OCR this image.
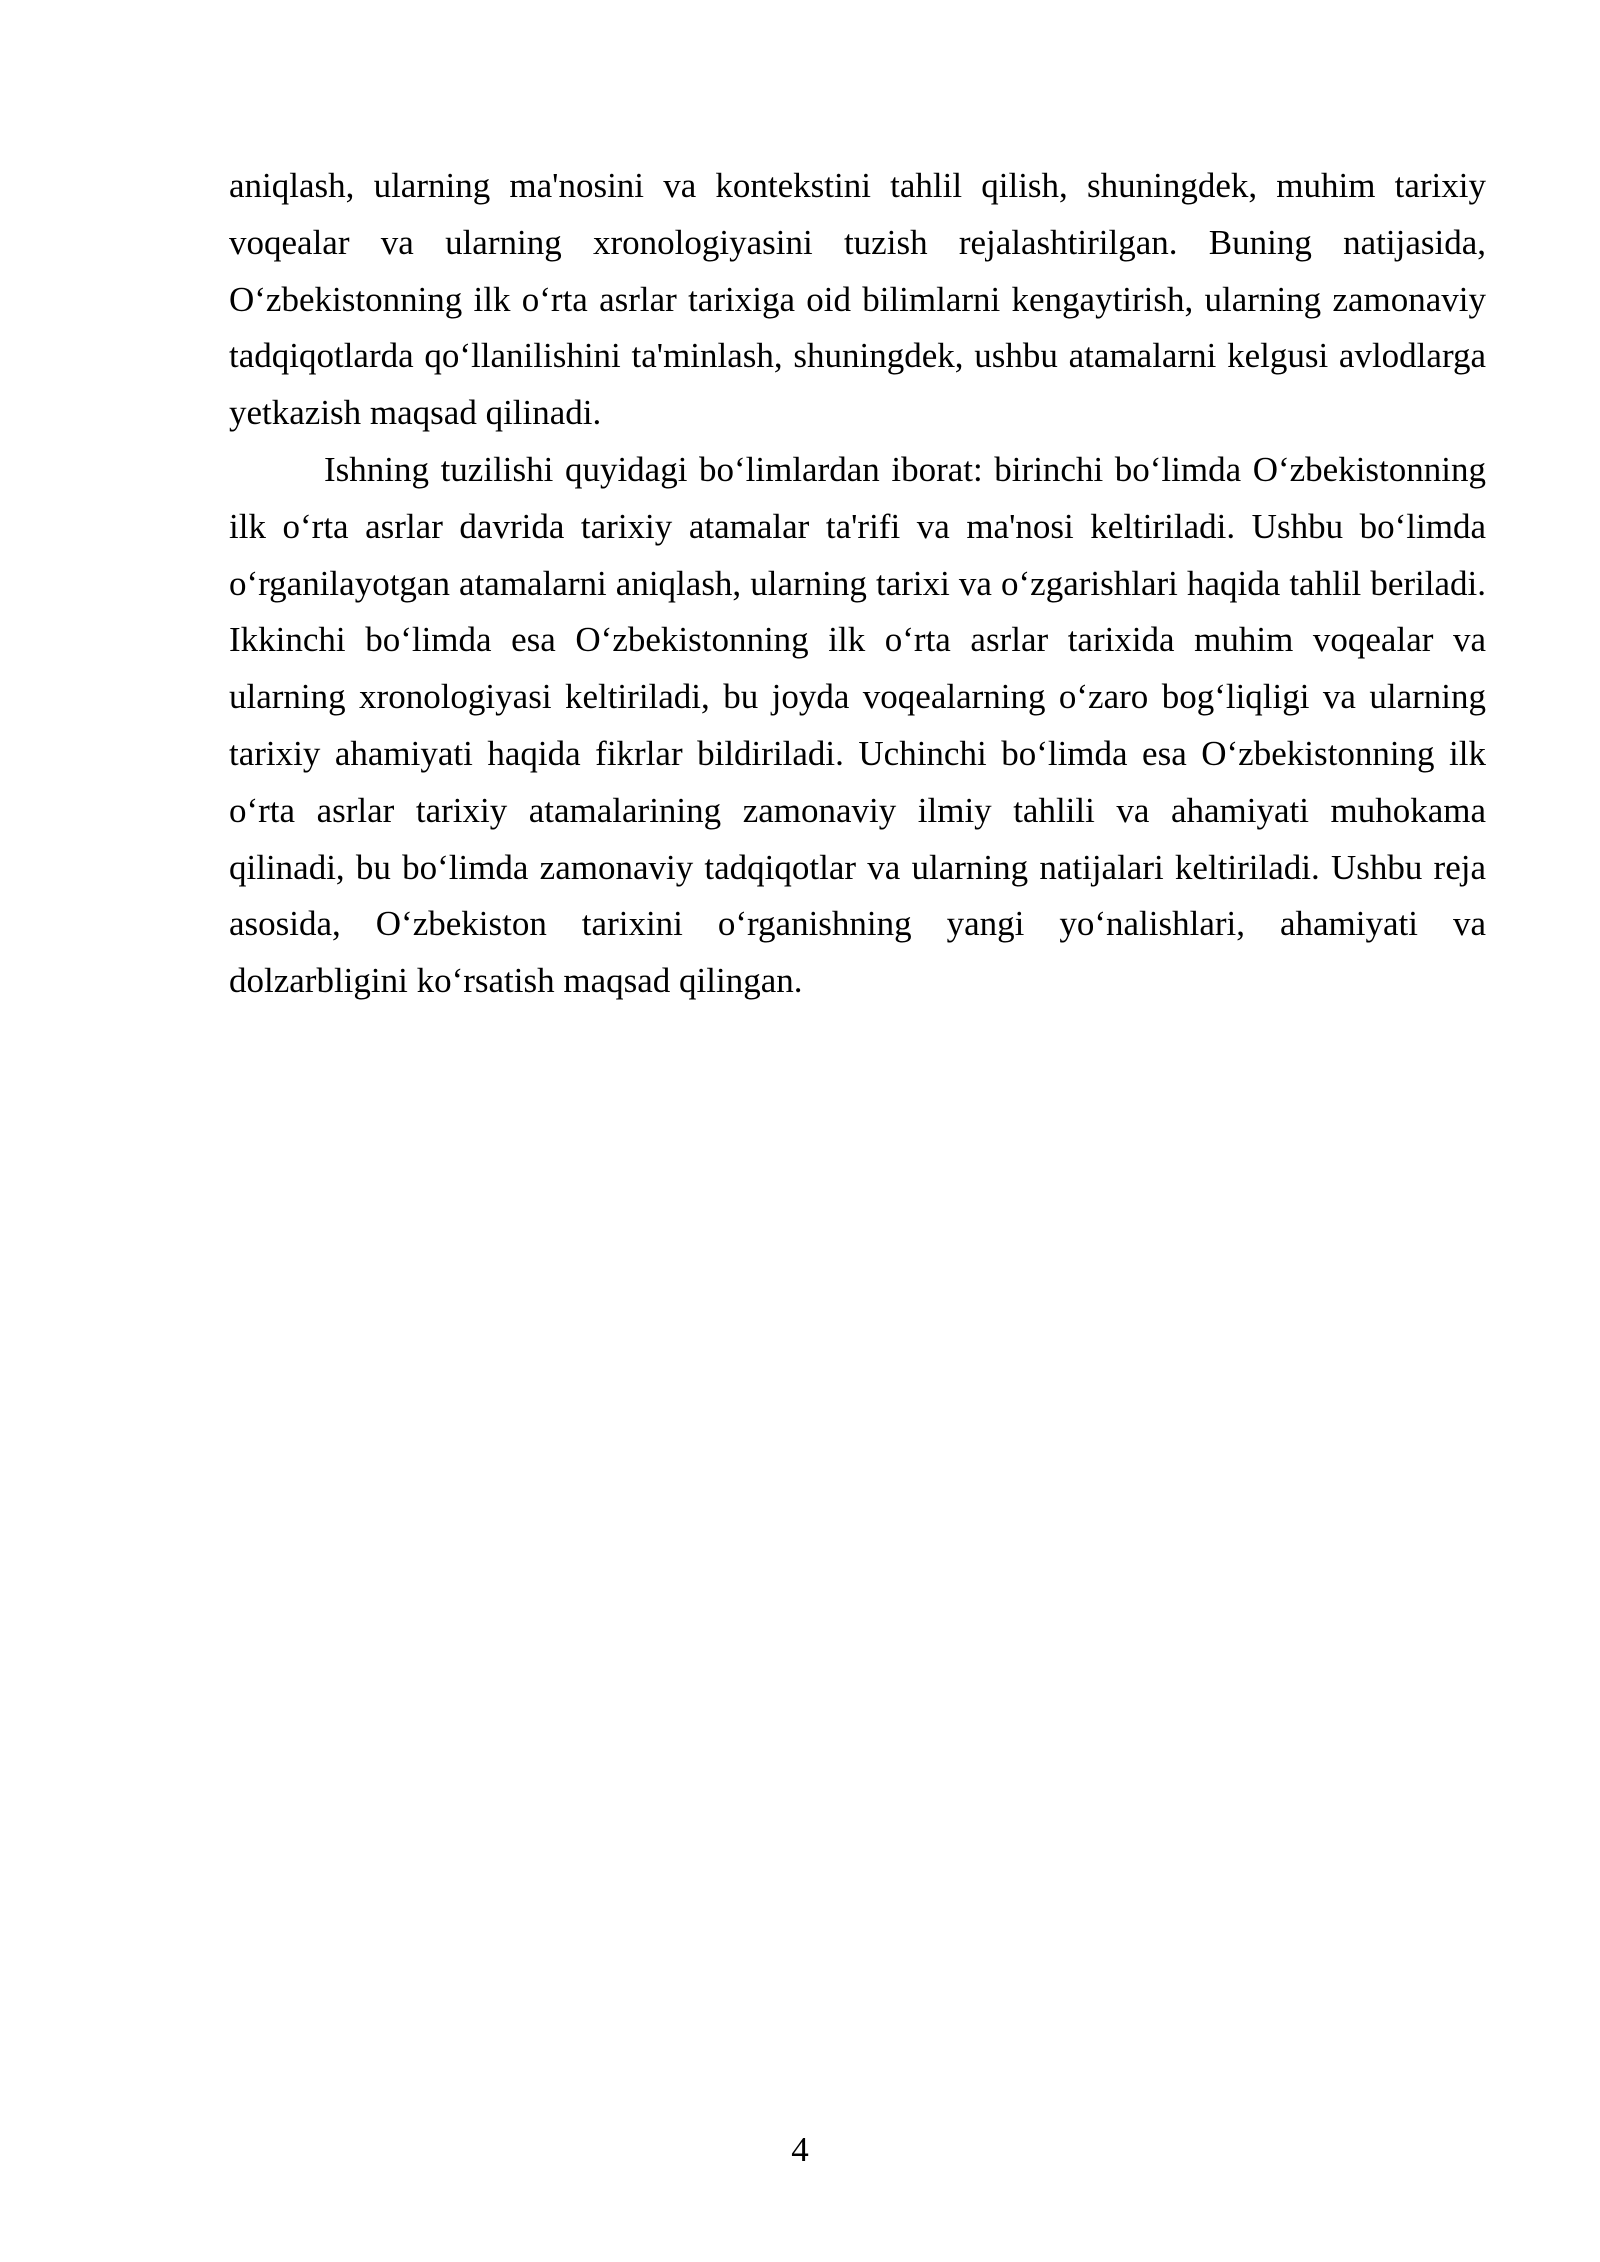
aniqlash, ularning ma'nosini va kontekstini tahlil qilish, shuningdek, muhim tarixiy voqealar va ularning xronologiyasini tuzish rejalashtirilgan. Buning natijasida, O‘zbekistonning ilk o‘rta asrlar tarixiga oid bilimlarni kengaytirish, ularning zamonaviy tadqiqotlarda qo‘llanilishini ta'minlash, shuningdek, ushbu atamalarni kelgusi avlodlarga yetkazish maqsad qilinadi.

Ishning tuzilishi quyidagi bo‘limlardan iborat: birinchi bo‘limda O‘zbekistonning ilk o‘rta asrlar davrida tarixiy atamalar ta'rifi va ma'nosi keltiriladi. Ushbu bo‘limda o‘rganilayotgan atamalarni aniqlash, ularning tarixi va o‘zgarishlari haqida tahlil beriladi. Ikkinchi bo‘limda esa O‘zbekistonning ilk o‘rta asrlar tarixida muhim voqealar va ularning xronologiyasi keltiriladi, bu joyda voqealarning o‘zaro bog‘liqligi va ularning tarixiy ahamiyati haqida fikrlar bildiriladi. Uchinchi bo‘limda esa O‘zbekistonning ilk o‘rta asrlar tarixiy atamalarining zamonaviy ilmiy tahlili va ahamiyati muhokama qilinadi, bu bo‘limda zamonaviy tadqiqotlar va ularning natijalari keltiriladi. Ushbu reja asosida, O‘zbekiston tarixini o‘rganishning yangi yo‘nalishlari, ahamiyati va dolzarbligini ko‘rsatish maqsad qilingan.

4
